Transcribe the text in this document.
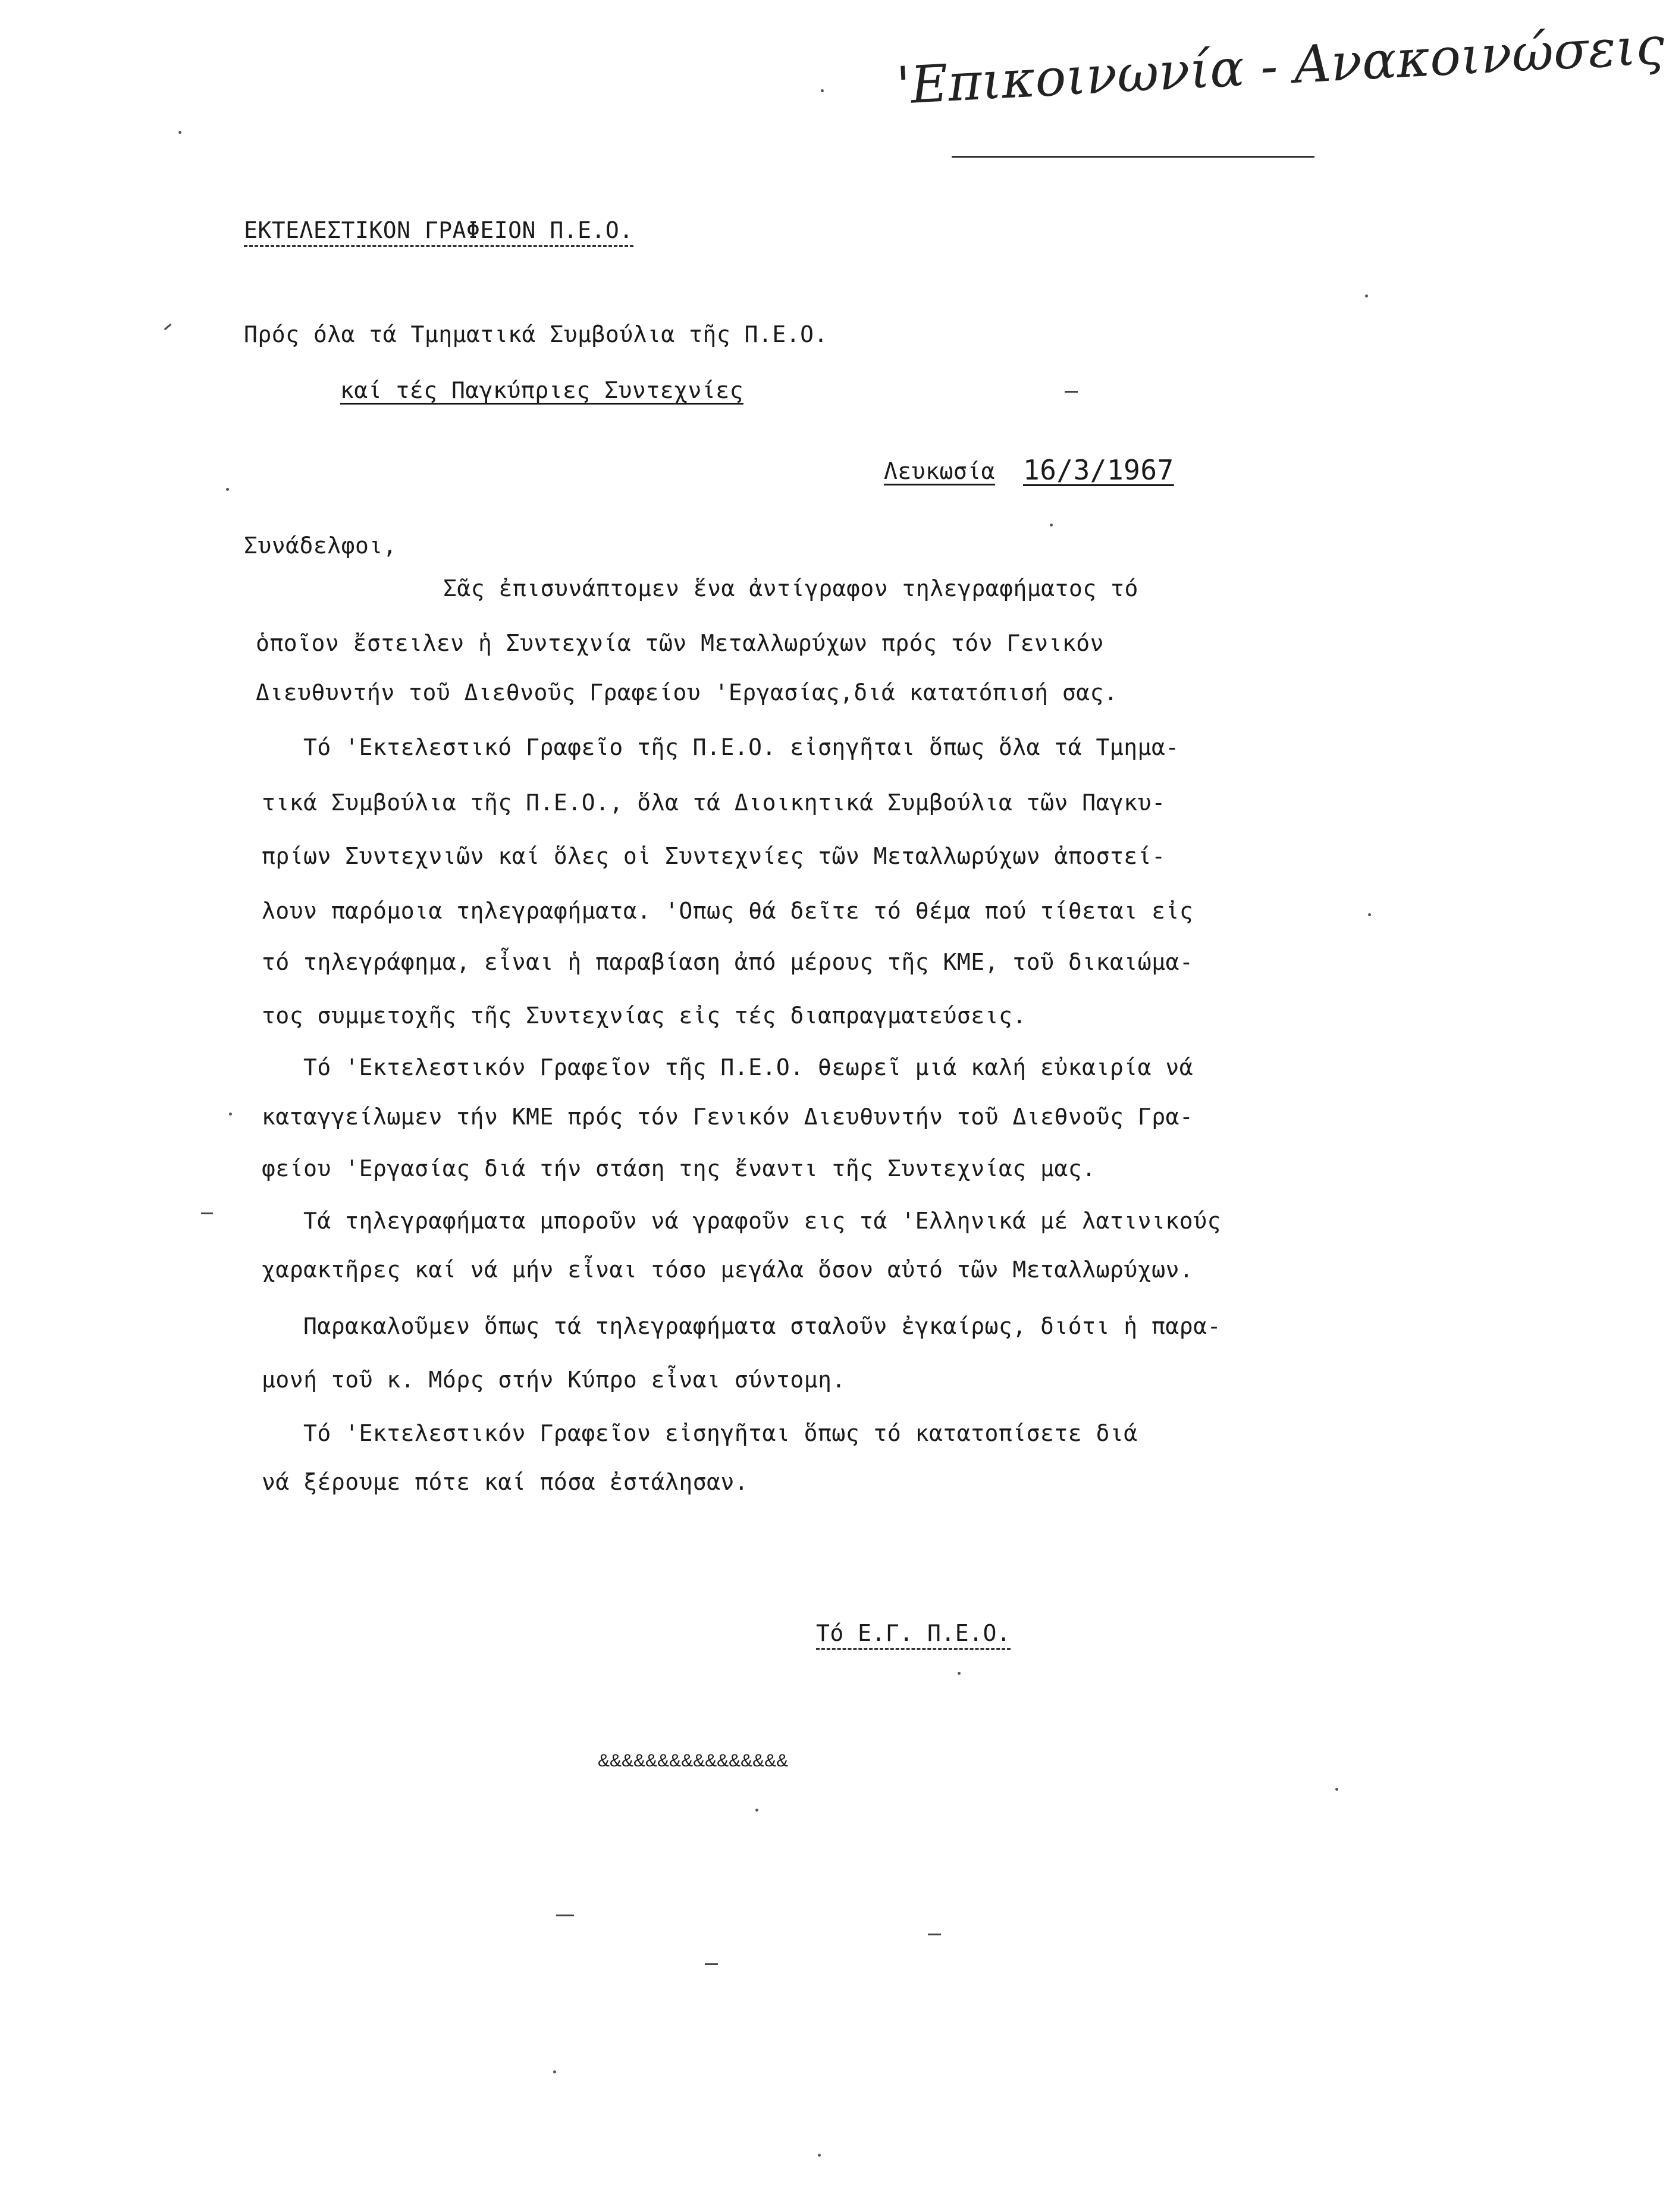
'Επικοινωνία - Ανακοινώσεις
ΕΚΤΕΛΕΣΤΙΚΟΝ ΓΡΑΦΕΙΟΝ Π.Ε.Ο.
Πρός όλα τά Τμηματικά Συμβούλια τῆς Π.Ε.Ο.
καί τές Παγκύπριες Συντεχνίες
Λευκωσία 16/3/1967
Συνάδελφοι,
Σᾶς ἐπισυνάπτομεν ἕνα ἀντίγραφον τηλεγραφήματος τό
ὁποῖον ἔστειλεν ἡ Συντεχνία τῶν Μεταλλωρύχων πρός τόν Γενικόν
Διευθυντήν τοῦ Διεθνοῦς Γραφείου 'Εργασίας,διά κατατόπισή σας.
Τό 'Εκτελεστικό Γραφεῖο τῆς Π.Ε.Ο. εἰσηγῆται ὅπως ὅλα τά Τμημα-
τικά Συμβούλια τῆς Π.Ε.Ο., ὅλα τά Διοικητικά Συμβούλια τῶν Παγκυ-
πρίων Συντεχνιῶν καί ὅλες οἱ Συντεχνίες τῶν Μεταλλωρύχων ἀποστεί-
λουν παρόμοια τηλεγραφήματα. 'Οπως θά δεῖτε τό θέμα πού τίθεται εἰς
τό τηλεγράφημα, εἶναι ἡ παραβίαση ἀπό μέρους τῆς ΚΜΕ, τοῦ δικαιώμα-
τος συμμετοχῆς τῆς Συντεχνίας εἰς τές διαπραγματεύσεις.
Τό 'Εκτελεστικόν Γραφεῖον τῆς Π.Ε.Ο. θεωρεῖ μιά καλή εὐκαιρία νά
καταγγείλωμεν τήν ΚΜΕ πρός τόν Γενικόν Διευθυντήν τοῦ Διεθνοῦς Γρα-
φείου 'Εργασίας διά τήν στάση της ἔναντι τῆς Συντεχνίας μας.
Τά τηλεγραφήματα μποροῦν νά γραφοῦν εις τά 'Ελληνικά μέ λατινικούς
χαρακτῆρες καί νά μήν εἶναι τόσο μεγάλα ὅσον αὐτό τῶν Μεταλλωρύχων.
Παρακαλοῦμεν ὅπως τά τηλεγραφήματα σταλοῦν ἐγκαίρως, διότι ἡ παρα-
μονή τοῦ κ. Μόρς στήν Κύπρο εἶναι σύντομη.
Τό 'Εκτελεστικόν Γραφεῖον εἰσηγῆται ὅπως τό κατατοπίσετε διά
νά ξέρουμε πότε καί πόσα ἐστάλησαν.
Τό Ε.Γ. Π.Ε.Ο.
&&&&&&&&&&&&&&&&
